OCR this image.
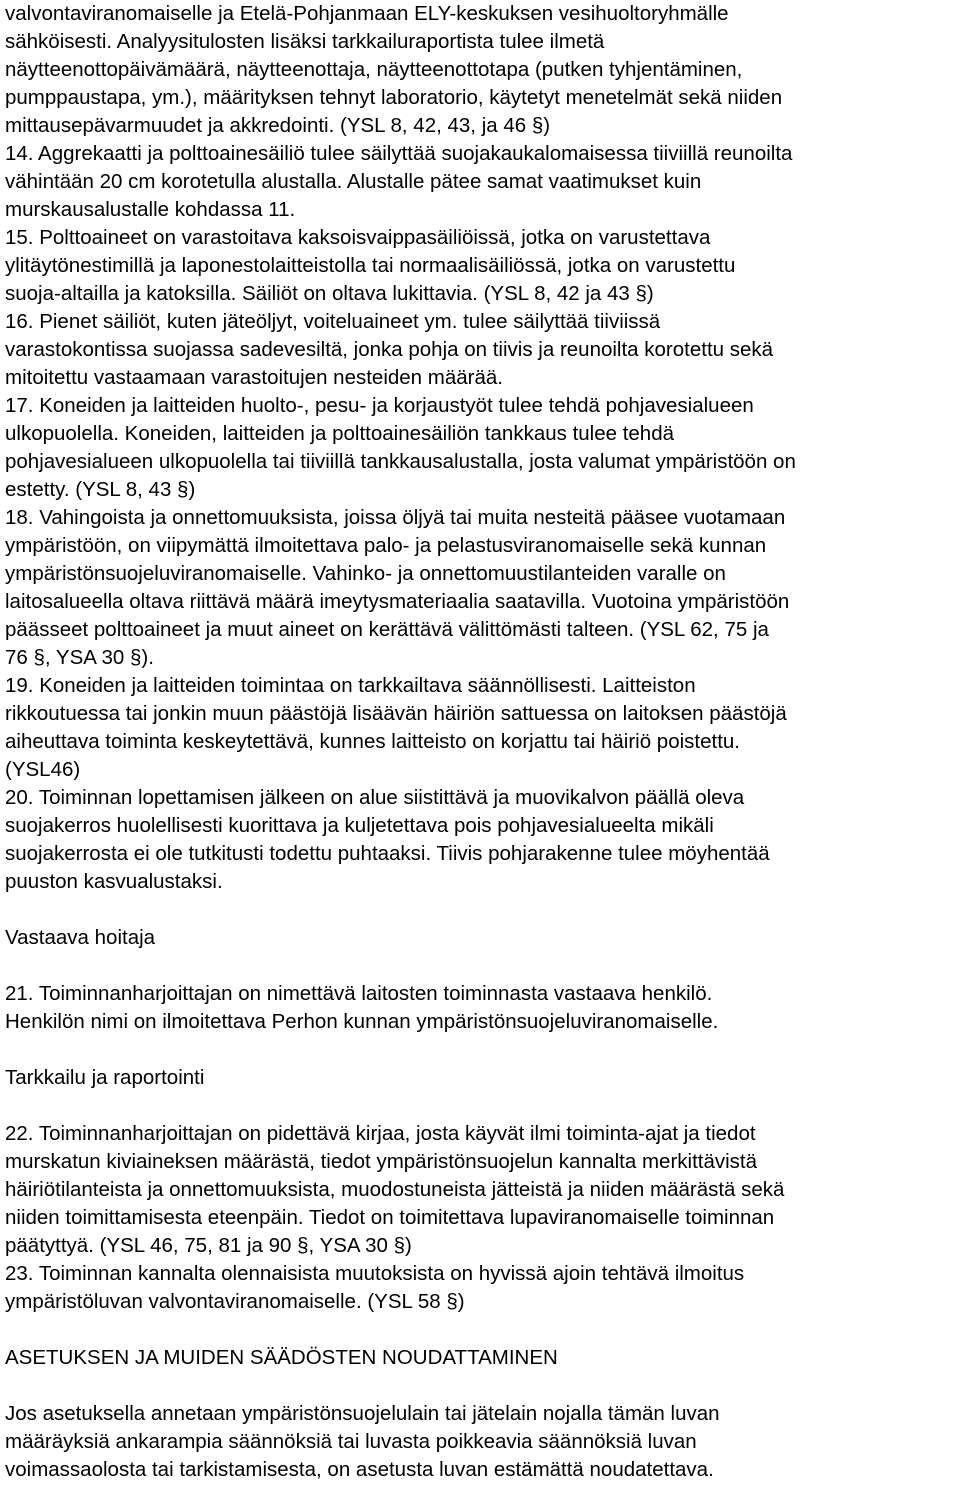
valvontaviranomaiselle ja Etelä-Pohjanmaan ELY-keskuksen vesihuoltoryhmälle
sähköisesti. Analyysitulosten lisäksi tarkkailuraportista tulee ilmetä
näytteenottopäivämäärä, näytteenottaja, näytteenottotapa (putken tyhjentäminen,
pumppaustapa, ym.), määrityksen tehnyt laboratorio, käytetyt menetelmät sekä niiden
mittausepävarmuudet ja akkredointi. (YSL 8, 42, 43, ja 46 §)
14. Aggrekaatti ja polttoainesäiliö tulee säilyttää suojakaukalomaisessa tiiviillä reunoilta
vähintään 20 cm korotetulla alustalla. Alustalle pätee samat vaatimukset kuin
murskausalustalle kohdassa 11.
15. Polttoaineet on varastoitava kaksoisvaippasäiliöissä, jotka on varustettava
ylitäytönestimillä ja laponestolaitteistolla tai normaalisäiliössä, jotka on varustettu
suoja-altailla ja katoksilla. Säiliöt on oltava lukittavia. (YSL 8, 42 ja 43 §)
16. Pienet säiliöt, kuten jäteöljyt, voiteluaineet ym. tulee säilyttää tiiviissä
varastokontissa suojassa sadevesiltä, jonka pohja on tiivis ja reunoilta korotettu sekä
mitoitettu vastaamaan varastoitujen nesteiden määrää.
17. Koneiden ja laitteiden huolto-, pesu- ja korjaustyöt tulee tehdä pohjavesialueen
ulkopuolella. Koneiden, laitteiden ja polttoainesäiliön tankkaus tulee tehdä
pohjavesialueen ulkopuolella tai tiiviillä tankkausalustalla, josta valumat ympäristöön on
estetty. (YSL 8, 43 §)
18. Vahingoista ja onnettomuuksista, joissa öljyä tai muita nesteitä pääsee vuotamaan
ympäristöön, on viipymättä ilmoitettava palo- ja pelastusviranomaiselle sekä kunnan
ympäristönsuojeluviranomaiselle. Vahinko- ja onnettomuustilanteiden varalle on
laitosalueella oltava riittävä määrä imeytysmateriaalia saatavilla. Vuotoina ympäristöön
päässeet polttoaineet ja muut aineet on kerättävä välittömästi talteen. (YSL 62, 75 ja
76 §, YSA 30 §).
19. Koneiden ja laitteiden toimintaa on tarkkailtava säännöllisesti. Laitteiston
rikkoutuessa tai jonkin muun päästöjä lisäävän häiriön sattuessa on laitoksen päästöjä
aiheuttava toiminta keskeytettävä, kunnes laitteisto on korjattu tai häiriö poistettu.
(YSL46)
20. Toiminnan lopettamisen jälkeen on alue siistittävä ja muovikalvon päällä oleva
suojakerros huolellisesti kuorittava ja kuljetettava pois pohjavesialueelta mikäli
suojakerrosta ei ole tutkitusti todettu puhtaaksi. Tiivis pohjarakenne tulee möyhentää
puuston kasvualustaksi.
Vastaava hoitaja
21. Toiminnanharjoittajan on nimettävä laitosten toiminnasta vastaava henkilö.
Henkilön nimi on ilmoitettava Perhon kunnan ympäristönsuojeluviranomaiselle.
Tarkkailu ja raportointi
22. Toiminnanharjoittajan on pidettävä kirjaa, josta käyvät ilmi toiminta-ajat ja tiedot
murskatun kiviaineksen määrästä, tiedot ympäristönsuojelun kannalta merkittävistä
häiriötilanteista ja onnettomuuksista, muodostuneista jätteistä ja niiden määrästä sekä
niiden toimittamisesta eteenpäin. Tiedot on toimitettava lupaviranomaiselle toiminnan
päätyttyä. (YSL 46, 75, 81 ja 90 §, YSA 30 §)
23. Toiminnan kannalta olennaisista muutoksista on hyvissä ajoin tehtävä ilmoitus
ympäristöluvan valvontaviranomaiselle. (YSL 58 §)
ASETUKSEN JA MUIDEN SÄÄDÖSTEN NOUDATTAMINEN
Jos asetuksella annetaan ympäristönsuojelulain tai jätelain nojalla tämän luvan
määräyksiä ankarampia säännöksiä tai luvasta poikkeavia säännöksiä luvan
voimassaolosta tai tarkistamisesta, on asetusta luvan estämättä noudatettava.
